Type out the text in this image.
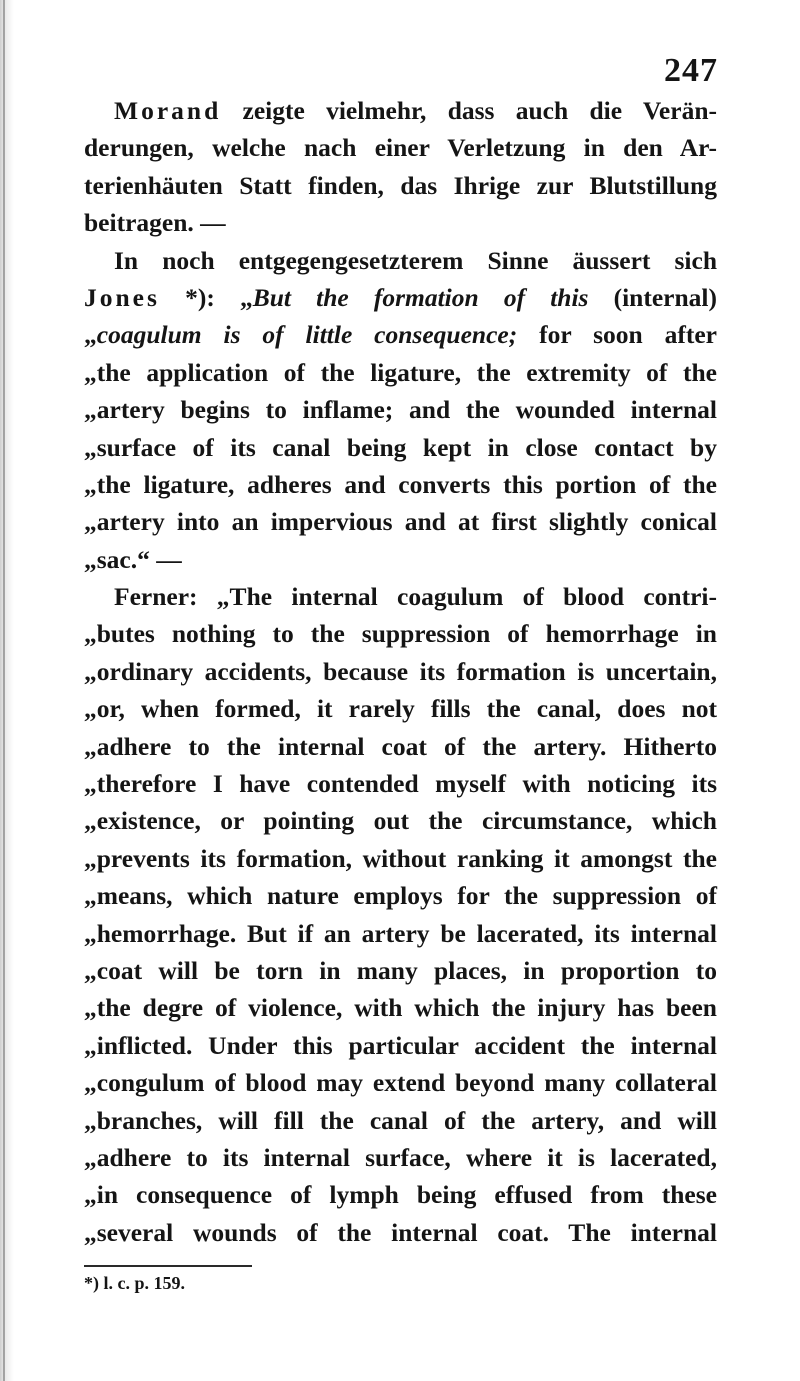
247
Morand zeigte vielmehr, dass auch die Verän-
derungen, welche nach einer Verletzung in den Ar-
terienhäuten Statt finden, das Ihrige zur Blutstillung
beitragen. —
In noch entgegengesetzterem Sinne äussert sich
Jones *): „But the formation of this (internal)
„coagulum is of little consequence; for soon after
„the application of the ligature, the extremity of the
„artery begins to inflame; and the wounded internal
„surface of its canal being kept in close contact by
„the ligature, adheres and converts this portion of the
„artery into an impervious and at first slightly conical
„sac.“ —
Ferner: „The internal coagulum of blood contri-
„butes nothing to the suppression of hemorrhage in
„ordinary accidents, because its formation is uncertain,
„or, when formed, it rarely fills the canal, does not
„adhere to the internal coat of the artery. Hitherto
„therefore I have contended myself with noticing its
„existence, or pointing out the circumstance, which
„prevents its formation, without ranking it amongst the
„means, which nature employs for the suppression of
„hemorrhage. But if an artery be lacerated, its internal
„coat will be torn in many places, in proportion to
„the degre of violence, with which the injury has been
„inflicted. Under this particular accident the internal
„congulum of blood may extend beyond many collateral
„branches, will fill the canal of the artery, and will
„adhere to its internal surface, where it is lacerated,
„in consequence of lymph being effused from these
„several wounds of the internal coat. The internal
*) l. c. p. 159.
